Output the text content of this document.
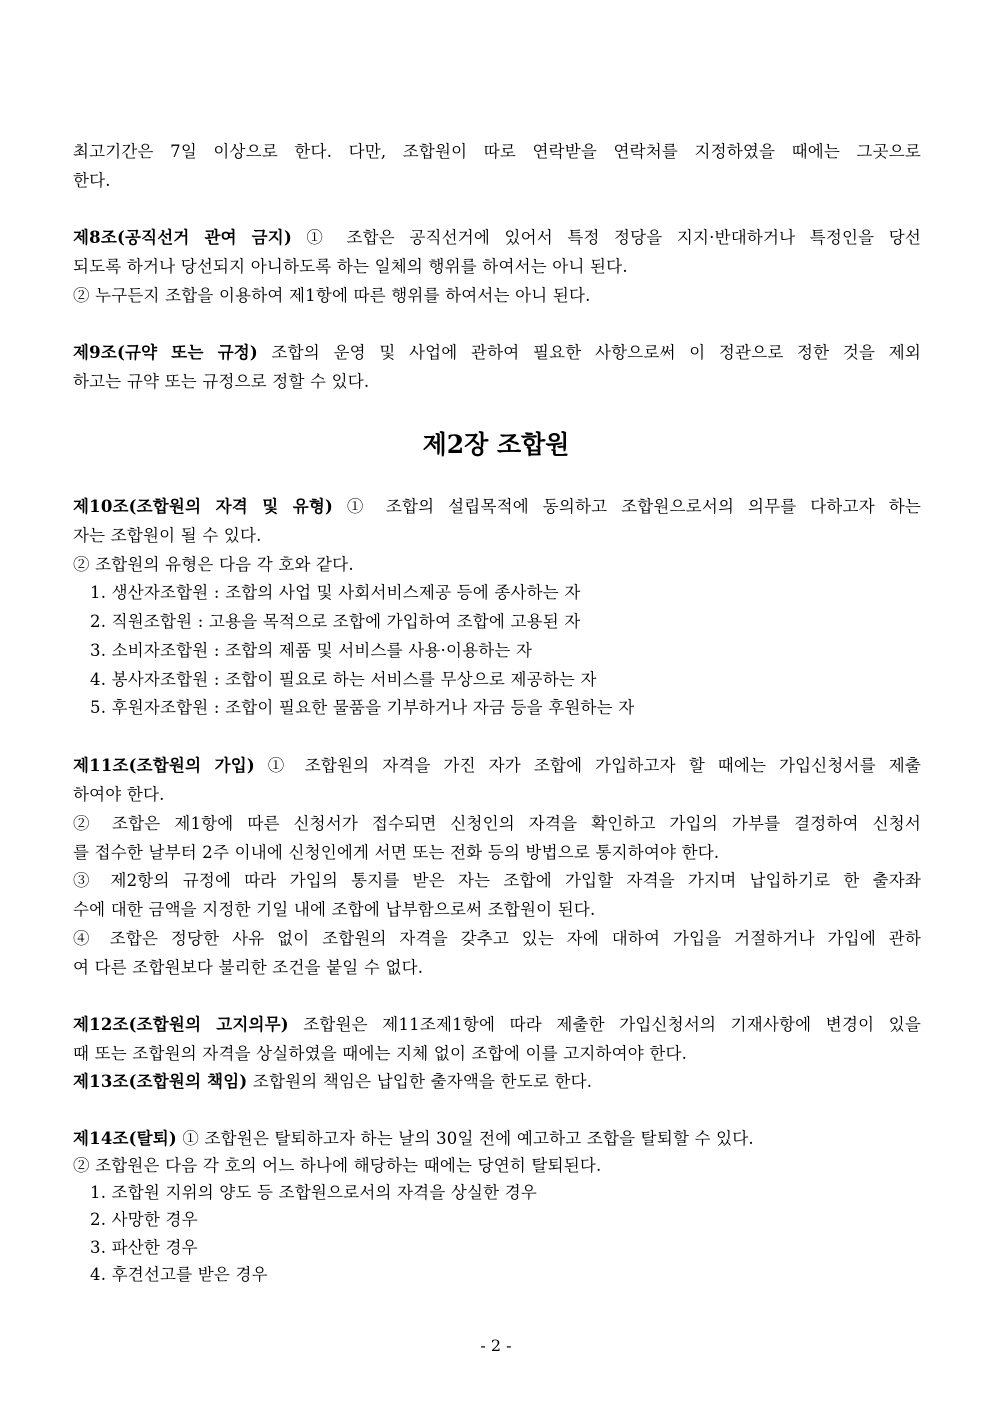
최고기간은 7일 이상으로 한다. 다만, 조합원이 따로 연락받을 연락처를 지정하였을 때에는 그곳으로

한다.

제8조(공직선거 관여 금지) ① 조합은 공직선거에 있어서 특정 정당을 지지·반대하거나 특정인을 당선

되도록 하거나 당선되지 아니하도록 하는 일체의 행위를 하여서는 아니 된다.

② 누구든지 조합을 이용하여 제1항에 따른 행위를 하여서는 아니 된다.

제9조(규약 또는 규정) 조합의 운영 및 사업에 관하여 필요한 사항으로써 이 정관으로 정한 것을 제외

하고는 규약 또는 규정으로 정할 수 있다.

제2장 조합원

제10조(조합원의 자격 및 유형) ① 조합의 설립목적에 동의하고 조합원으로서의 의무를 다하고자 하는

자는 조합원이 될 수 있다.

② 조합원의 유형은 다음 각 호와 같다.

1. 생산자조합원 : 조합의 사업 및 사회서비스제공 등에 종사하는 자

2. 직원조합원 : 고용을 목적으로 조합에 가입하여 조합에 고용된 자

3. 소비자조합원 : 조합의 제품 및 서비스를 사용·이용하는 자

4. 봉사자조합원 : 조합이 필요로 하는 서비스를 무상으로 제공하는 자

5. 후원자조합원 : 조합이 필요한 물품을 기부하거나 자금 등을 후원하는 자

제11조(조합원의 가입) ① 조합원의 자격을 가진 자가 조합에 가입하고자 할 때에는 가입신청서를 제출

하여야 한다.

② 조합은 제1항에 따른 신청서가 접수되면 신청인의 자격을 확인하고 가입의 가부를 결정하여 신청서

를 접수한 날부터 2주 이내에 신청인에게 서면 또는 전화 등의 방법으로 통지하여야 한다.

③ 제2항의 규정에 따라 가입의 통지를 받은 자는 조합에 가입할 자격을 가지며 납입하기로 한 출자좌

수에 대한 금액을 지정한 기일 내에 조합에 납부함으로써 조합원이 된다.

④ 조합은 정당한 사유 없이 조합원의 자격을 갖추고 있는 자에 대하여 가입을 거절하거나 가입에 관하

여 다른 조합원보다 불리한 조건을 붙일 수 없다.

제12조(조합원의 고지의무) 조합원은 제11조제1항에 따라 제출한 가입신청서의 기재사항에 변경이 있을

때 또는 조합원의 자격을 상실하였을 때에는 지체 없이 조합에 이를 고지하여야 한다.

제13조(조합원의 책임) 조합원의 책임은 납입한 출자액을 한도로 한다.

제14조(탈퇴) ① 조합원은 탈퇴하고자 하는 날의 30일 전에 예고하고 조합을 탈퇴할 수 있다.

② 조합원은 다음 각 호의 어느 하나에 해당하는 때에는 당연히 탈퇴된다.

1. 조합원 지위의 양도 등 조합원으로서의 자격을 상실한 경우

2. 사망한 경우

3. 파산한 경우

4. 후견선고를 받은 경우

- 2 -
